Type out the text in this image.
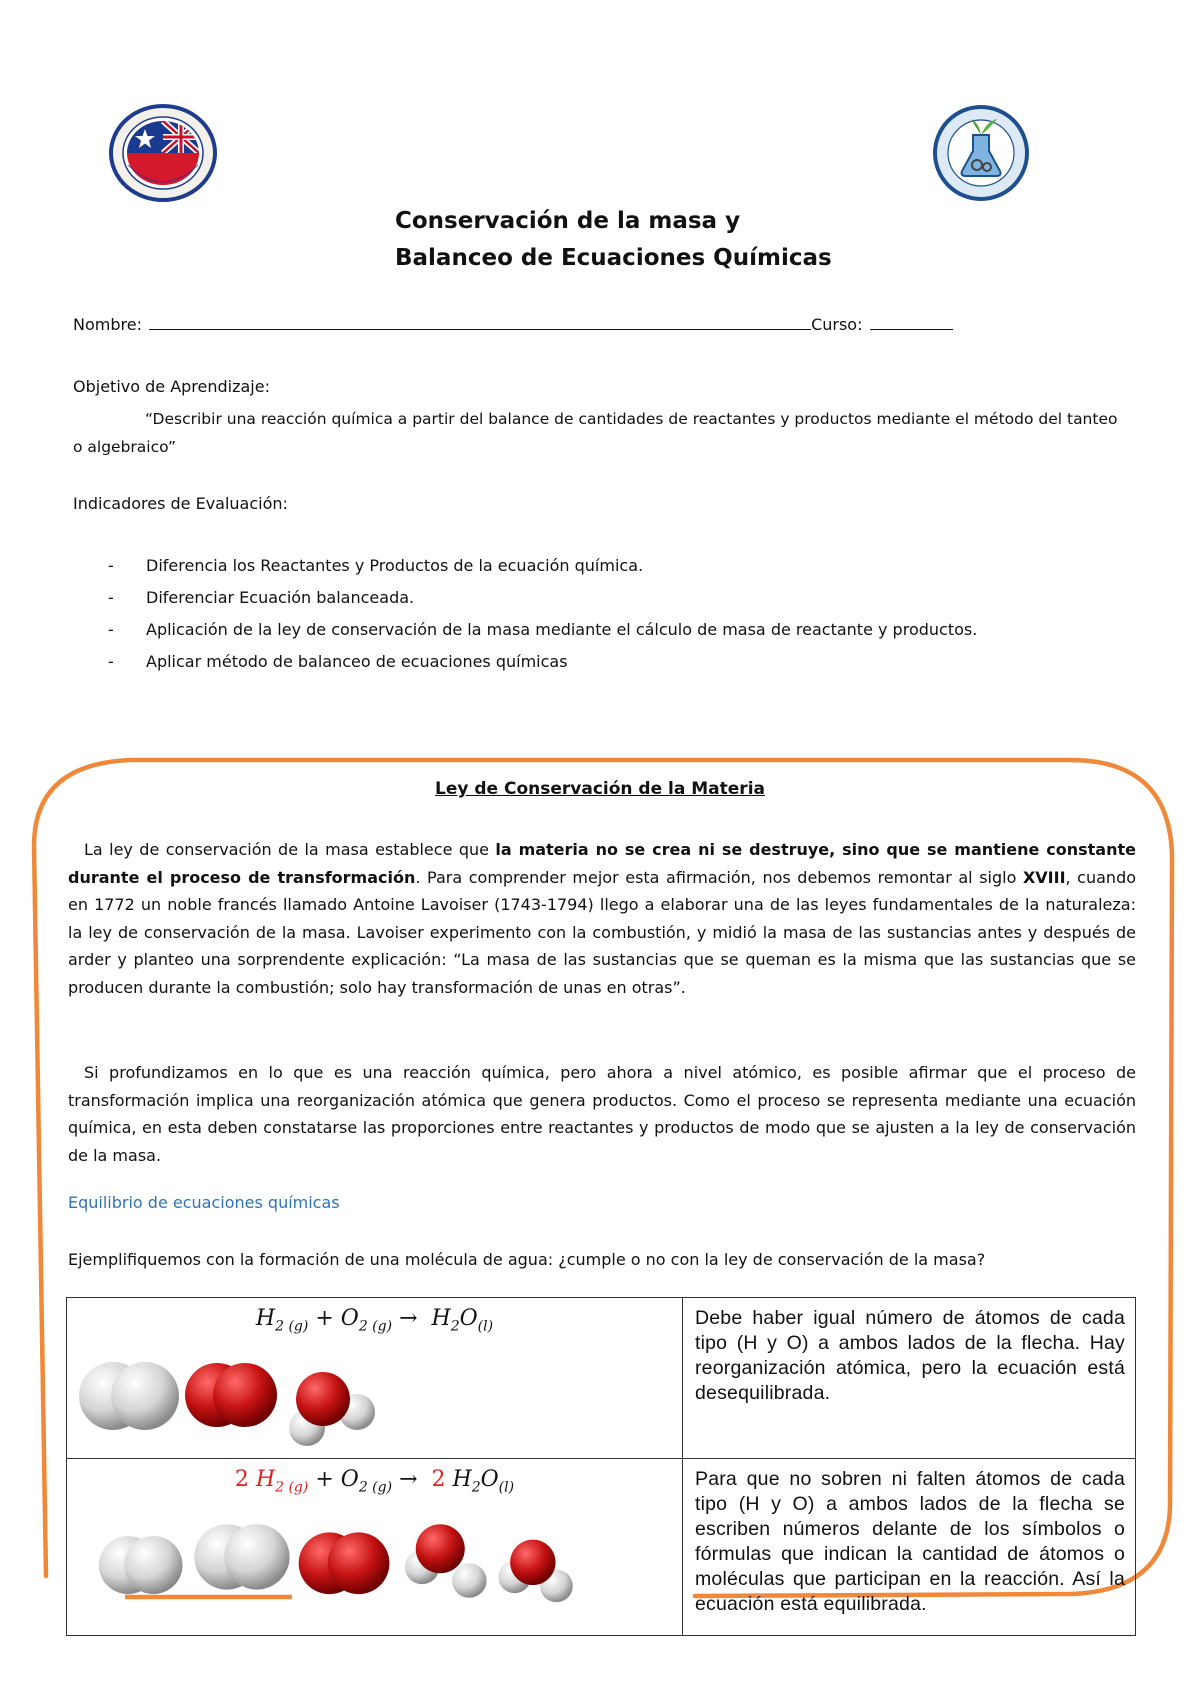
Conservación de la masa y
Balanceo de Ecuaciones Químicas
Nombre:	Curso:
Objetivo de Aprendizaje:
“Describir una reacción química a partir del balance de cantidades de reactantes y productos mediante el método del tanteo o algebraico”
Indicadores de Evaluación:
- Diferencia los Reactantes y Productos de la ecuación química.
- Diferenciar Ecuación balanceada.
- Aplicación de la ley de conservación de la masa mediante el cálculo de masa de reactante y productos.
- Aplicar método de balanceo de ecuaciones químicas
Ley de Conservación de la Materia
La ley de conservación de la masa establece que la materia no se crea ni se destruye, sino que se mantiene constante durante el proceso de transformación. Para comprender mejor esta afirmación, nos debemos remontar al siglo XVIII, cuando en 1772 un noble francés llamado Antoine Lavoiser (1743-1794) llego a elaborar una de las leyes fundamentales de la naturaleza: la ley de conservación de la masa. Lavoiser experimento con la combustión, y midió la masa de las sustancias antes y después de arder y planteo una sorprendente explicación: “La masa de las sustancias que se queman es la misma que las sustancias que se producen durante la combustión; solo hay transformación de unas en otras”.
Si profundizamos en lo que es una reacción química, pero ahora a nivel atómico, es posible afirmar que el proceso de transformación implica una reorganización atómica que genera productos. Como el proceso se representa mediante una ecuación química, en esta deben constatarse las proporciones entre reactantes y productos de modo que se ajusten a la ley de conservación de la masa.
Equilibrio de ecuaciones químicas
Ejemplifiquemos con la formación de una molécula de agua: ¿cumple o no con la ley de conservación de la masa?
$H_{2 (g)} + O_{2 (g)} \to H_2O_{(l)}$	Debe haber igual número de átomos de cada tipo (H y O) a ambos lados de la flecha. Hay reorganización atómica, pero la ecuación está desequilibrada.

2 $H_{2 (g)} + O_{2 (g)} \to 2$ $H_2O_{(l)}$	Para que no sobren ni falten átomos de cada tipo (H y O) a ambos lados de la flecha se escriben números delante de los símbolos o fórmulas que indican la cantidad de átomos o moléculas que participan en la reacción. Así la ecuación está equilibrada.
